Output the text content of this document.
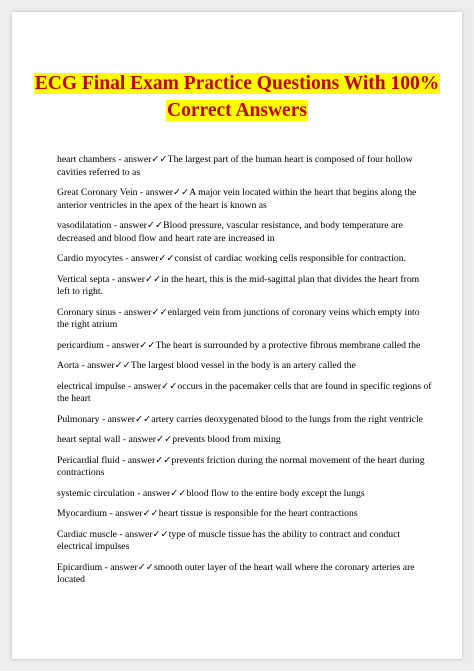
ECG Final Exam Practice Questions With 100% Correct Answers
heart chambers - answer✓✓The largest part of the human heart is composed of four hollow cavities referred to as
Great Coronary Vein - answer✓✓A major vein located within the heart that begins along the anterior ventricles in the apex of the heart is known as
vasodilatation - answer✓✓Blood pressure, vascular resistance, and body temperature are decreased and blood flow and heart rate are increased in
Cardio myocytes - answer✓✓consist of cardiac working cells responsible for contraction.
Vertical septa - answer✓✓in the heart, this is the mid-sagittal plan that divides the heart from left to right.
Coronary sinus - answer✓✓enlarged vein from junctions of coronary veins which empty into the right atrium
pericardium - answer✓✓The heart is surrounded by a protective fibrous membrane called the
Aorta - answer✓✓The largest blood vessel in the body is an artery called the
electrical impulse - answer✓✓occurs in the pacemaker cells that are found in specific regions of the heart
Pulmonary - answer✓✓artery carries deoxygenated blood to the lungs from the right ventricle
heart septal wall - answer✓✓prevents blood from mixing
Pericardial fluid - answer✓✓prevents friction during the normal movement of the heart during contractions
systemic circulation - answer✓✓blood flow to the entire body except the lungs
Myocardium - answer✓✓heart tissue is responsible for the heart contractions
Cardiac muscle - answer✓✓type of muscle tissue has the ability to contract and conduct electrical impulses
Epicardium - answer✓✓smooth outer layer of the heart wall where the coronary arteries are located
